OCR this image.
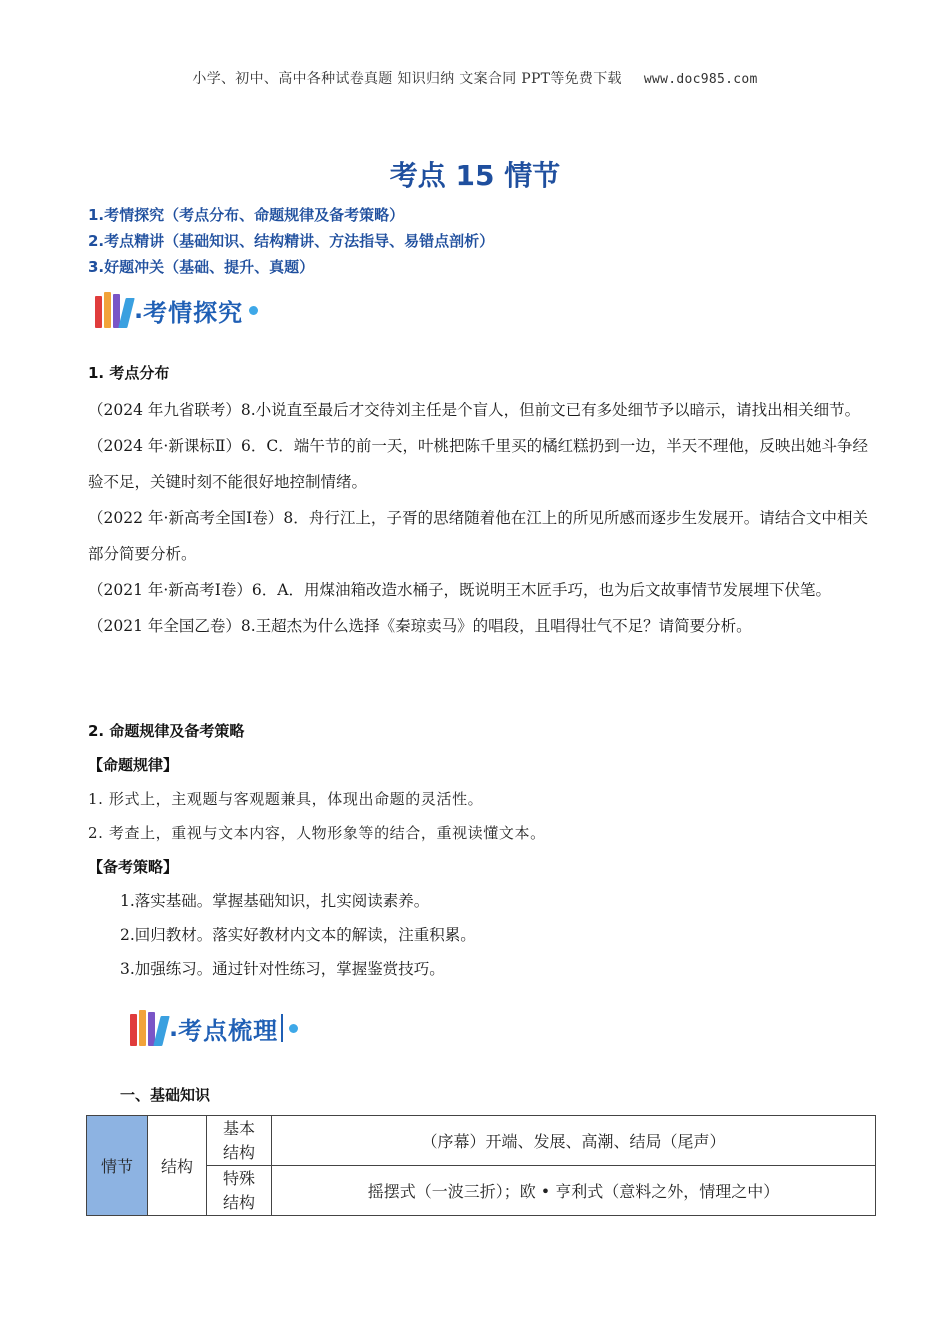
小学、初中、高中各种试卷真题 知识归纳 文案合同 PPT等免费下载 www.doc985.com
考点 15 情节
1.考情探究（考点分布、命题规律及备考策略）
2.考点精讲（基础知识、结构精讲、方法指导、易错点剖析）
3.好题冲关（基础、提升、真题）
. 考情探究
1. 考点分布
（2024 年九省联考）8.小说直至最后才交待刘主任是个盲人，但前文已有多处细节予以暗示，请找出相关细节。
（2024 年·新课标Ⅱ）6．C．端午节的前一天，叶桃把陈千里买的橘红糕扔到一边，半天不理他，反映出她斗争经验不足，关键时刻不能很好地控制情绪。
（2022 年·新高考全国Ⅰ卷）8．舟行江上，子胥的思绪随着他在江上的所见所感而逐步生发展开。请结合文中相关部分简要分析。
（2021 年·新高考Ⅰ卷）6．A．用煤油箱改造水桶子，既说明王木匠手巧，也为后文故事情节发展埋下伏笔。
（2021 年全国乙卷）8.王超杰为什么选择《秦琼卖马》的唱段，且唱得壮气不足？请简要分析。
2. 命题规律及备考策略
【命题规律】
1. 形式上，主观题与客观题兼具，体现出命题的灵活性。
2. 考查上，重视与文本内容，人物形象等的结合，重视读懂文本。
【备考策略】
1.落实基础。掌握基础知识，扎实阅读素养。
2.回归教材。落实好教材内文本的解读，注重积累。
3.加强练习。通过针对性练习，掌握鉴赏技巧。
. 考点梳理
一、基础知识
情节	结构	基本结构	（序幕）开端、发展、高潮、结局（尾声）

		特殊结构	摇摆式（一波三折）；欧 • 亨利式（意料之外，情理之中）
